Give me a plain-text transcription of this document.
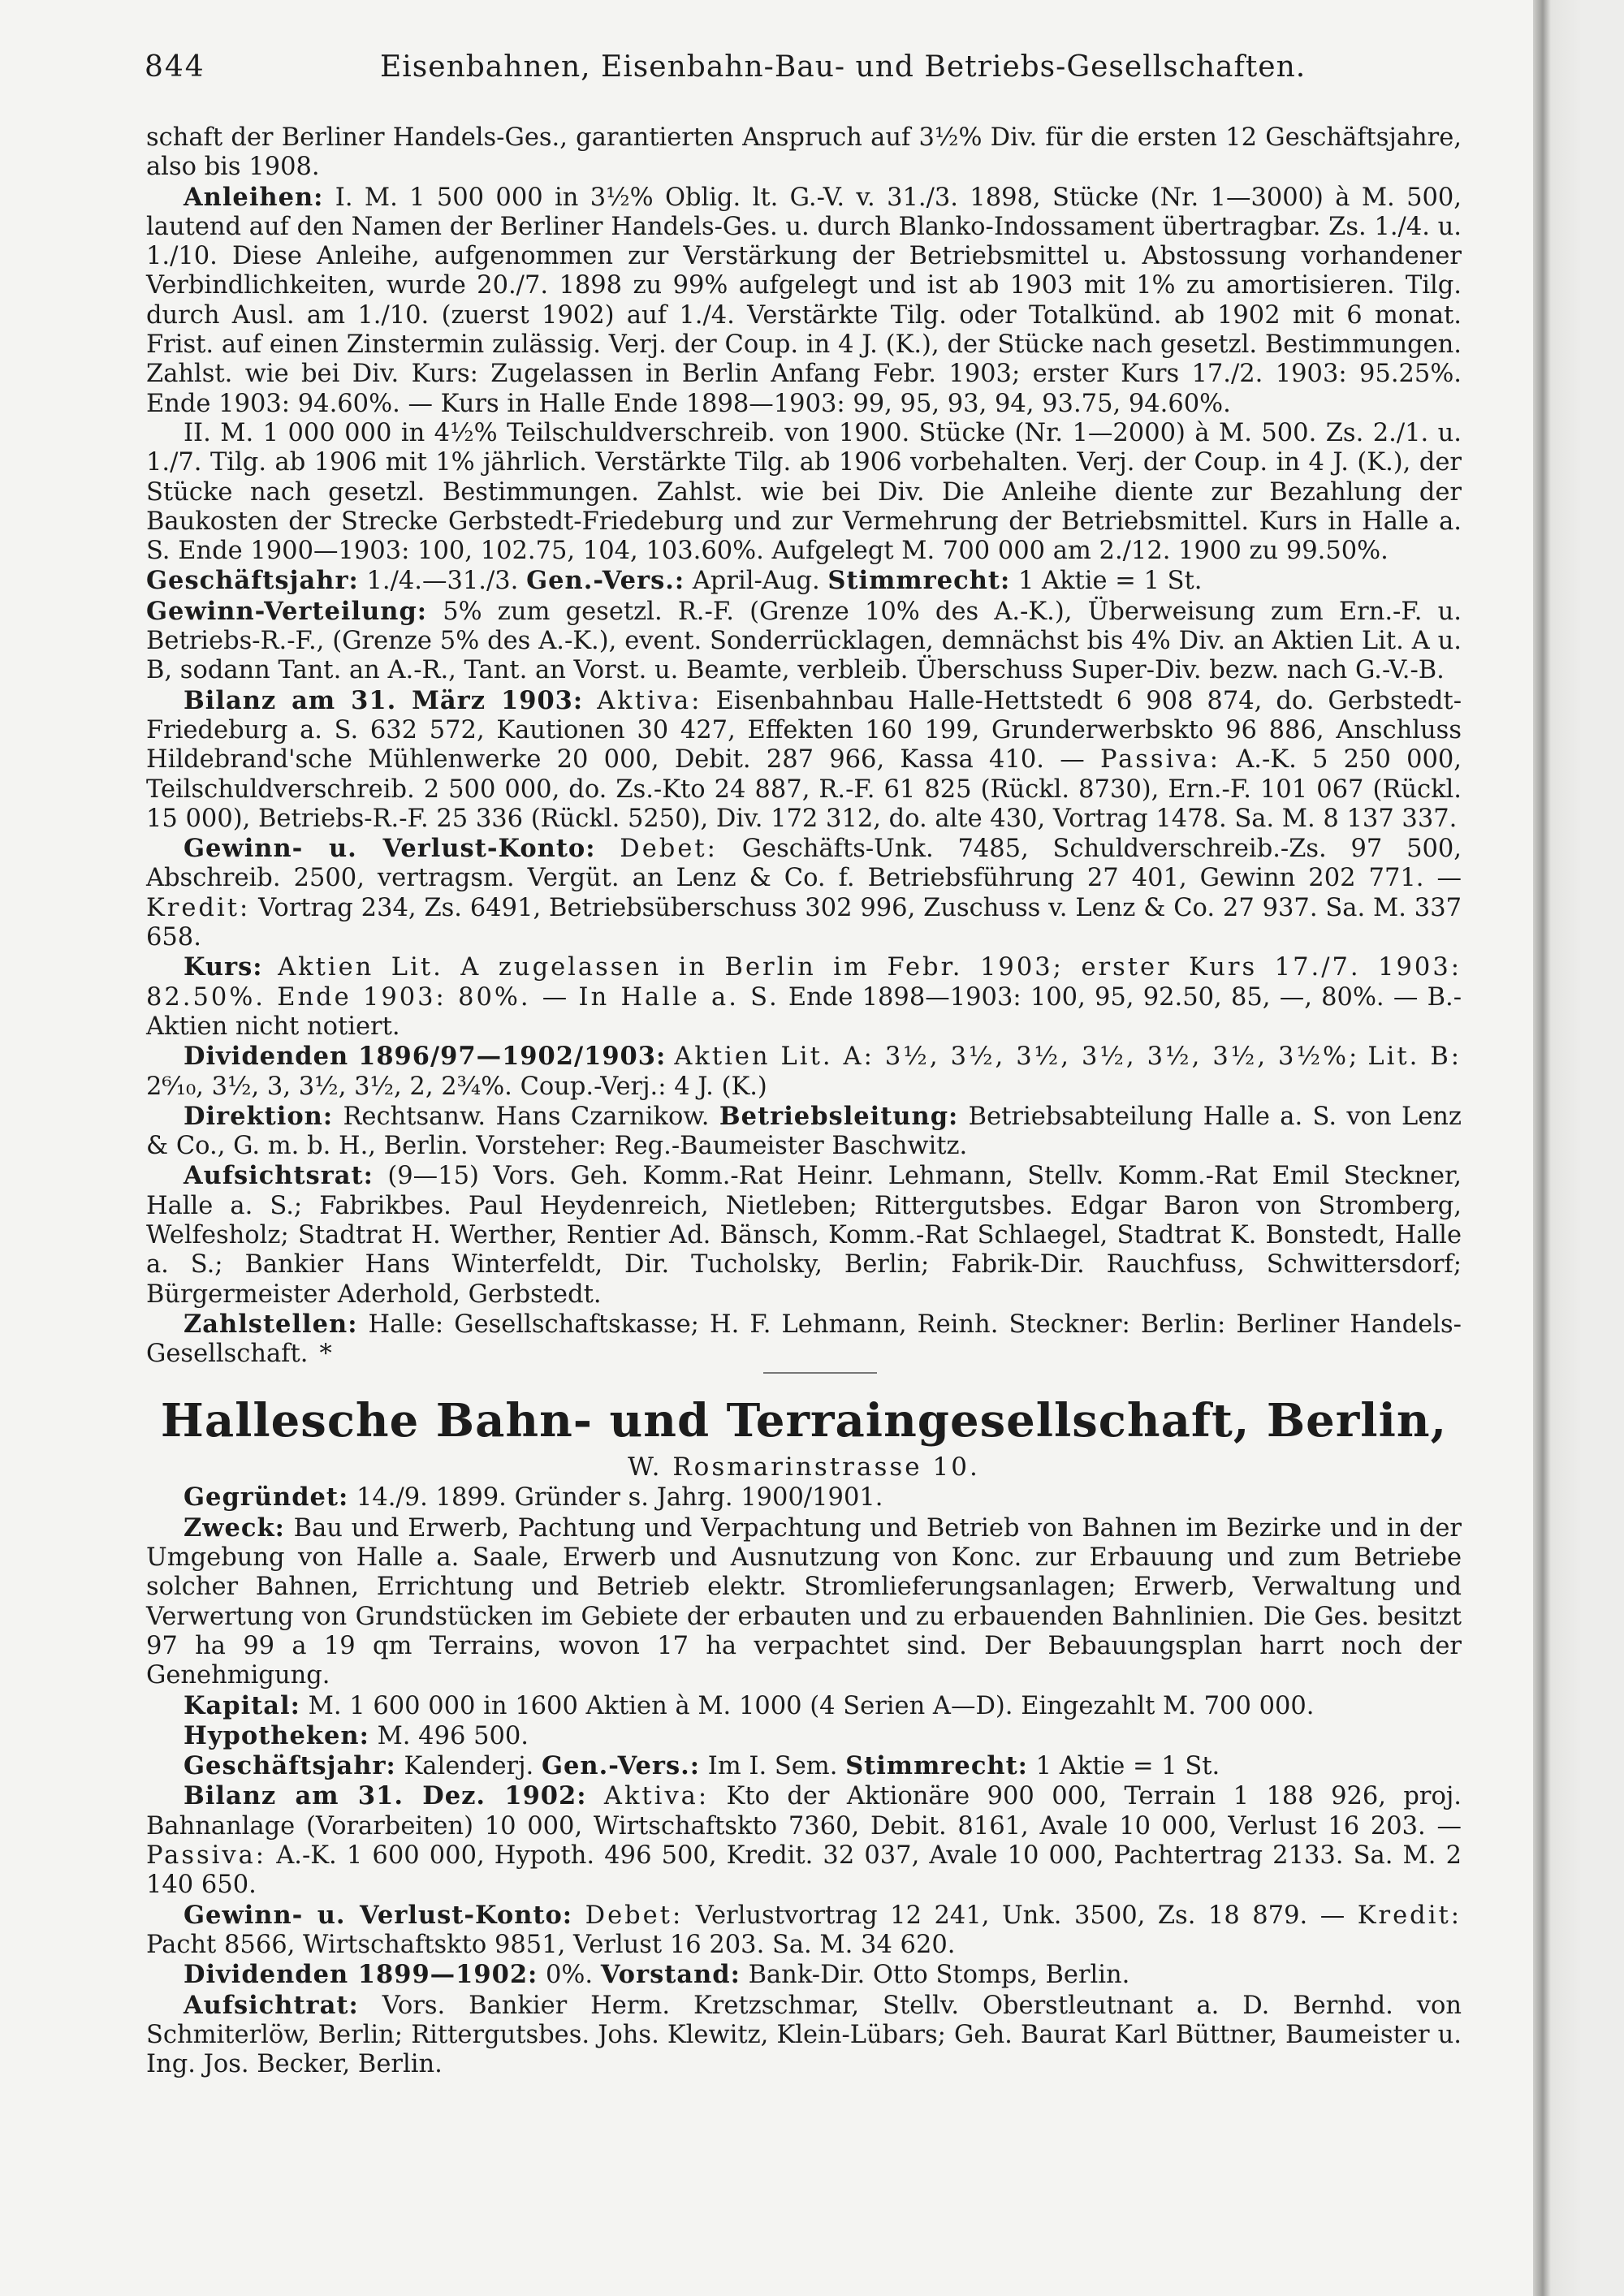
844	Eisenbahnen, Eisenbahn-Bau- und Betriebs-Gesellschaften.

schaft der Berliner Handels-Ges., garantierten Anspruch auf 3½% Div. für die ersten 12 Geschäftsjahre, also bis 1908.

Anleihen: I. M. 1 500 000 in 3½% Oblig. lt. G.-V. v. 31./3. 1898, Stücke (Nr. 1—3000) à M. 500, lautend auf den Namen der Berliner Handels-Ges. u. durch Blanko-Indossament übertragbar. Zs. 1./4. u. 1./10. Diese Anleihe, aufgenommen zur Verstärkung der Betriebsmittel u. Abstossung vorhandener Verbindlichkeiten, wurde 20./7. 1898 zu 99% aufgelegt und ist ab 1903 mit 1% zu amortisieren. Tilg. durch Ausl. am 1./10. (zuerst 1902) auf 1./4. Verstärkte Tilg. oder Totalkünd. ab 1902 mit 6 monat. Frist. auf einen Zinstermin zulässig. Verj. der Coup. in 4 J. (K.), der Stücke nach gesetzl. Bestimmungen. Zahlst. wie bei Div. Kurs: Zugelassen in Berlin Anfang Febr. 1903; erster Kurs 17./2. 1903: 95.25%. Ende 1903: 94.60%. — Kurs in Halle Ende 1898—1903: 99, 95, 93, 94, 93.75, 94.60%.

II. M. 1 000 000 in 4½% Teilschuldverschreib. von 1900. Stücke (Nr. 1—2000) à M. 500. Zs. 2./1. u. 1./7. Tilg. ab 1906 mit 1% jährlich. Verstärkte Tilg. ab 1906 vorbehalten. Verj. der Coup. in 4 J. (K.), der Stücke nach gesetzl. Bestimmungen. Zahlst. wie bei Div. Die Anleihe diente zur Bezahlung der Baukosten der Strecke Gerbstedt-Friedeburg und zur Vermehrung der Betriebsmittel. Kurs in Halle a. S. Ende 1900—1903: 100, 102.75, 104, 103.60%. Aufgelegt M. 700 000 am 2./12. 1900 zu 99.50%.

Geschäftsjahr: 1./4.—31./3. Gen.-Vers.: April-Aug. Stimmrecht: 1 Aktie = 1 St.

Gewinn-Verteilung: 5% zum gesetzl. R.-F. (Grenze 10% des A.-K.), Überweisung zum Ern.-F. u. Betriebs-R.-F., (Grenze 5% des A.-K.), event. Sonderrücklagen, demnächst bis 4% Div. an Aktien Lit. A u. B, sodann Tant. an A.-R., Tant. an Vorst. u. Beamte, verbleib. Überschuss Super-Div. bezw. nach G.-V.-B.

Bilanz am 31. März 1903: Aktiva: Eisenbahnbau Halle-Hettstedt 6 908 874, do. Gerbstedt-Friedeburg a. S. 632 572, Kautionen 30 427, Effekten 160 199, Grunderwerbskto 96 886, Anschluss Hildebrand'sche Mühlenwerke 20 000, Debit. 287 966, Kassa 410. — Passiva: A.-K. 5 250 000, Teilschuldverschreib. 2 500 000, do. Zs.-Kto 24 887, R.-F. 61 825 (Rückl. 8730), Ern.-F. 101 067 (Rückl. 15 000), Betriebs-R.-F. 25 336 (Rückl. 5250), Div. 172 312, do. alte 430, Vortrag 1478. Sa. M. 8 137 337.

Gewinn- u. Verlust-Konto: Debet: Geschäfts-Unk. 7485, Schuldverschreib.-Zs. 97 500, Abschreib. 2500, vertragsm. Vergüt. an Lenz & Co. f. Betriebsführung 27 401, Gewinn 202 771. — Kredit: Vortrag 234, Zs. 6491, Betriebsüberschuss 302 996, Zuschuss v. Lenz & Co. 27 937. Sa. M. 337 658.

Kurs: Aktien Lit. A zugelassen in Berlin im Febr. 1903; erster Kurs 17./7. 1903: 82.50%. Ende 1903: 80%. — In Halle a. S. Ende 1898—1903: 100, 95, 92.50, 85, —, 80%. — B.-Aktien nicht notiert.

Dividenden 1896/97—1902/1903: Aktien Lit. A: 3½, 3½, 3½, 3½, 3½, 3½, 3½%; Lit. B: 2⁶⁄₁₀, 3½, 3, 3½, 3½, 2, 2¾%. Coup.-Verj.: 4 J. (K.)

Direktion: Rechtsanw. Hans Czarnikow. Betriebsleitung: Betriebsabteilung Halle a. S. von Lenz & Co., G. m. b. H., Berlin. Vorsteher: Reg.-Baumeister Baschwitz.

Aufsichtsrat: (9—15) Vors. Geh. Komm.-Rat Heinr. Lehmann, Stellv. Komm.-Rat Emil Steckner, Halle a. S.; Fabrikbes. Paul Heydenreich, Nietleben; Rittergutsbes. Edgar Baron von Stromberg, Welfesholz; Stadtrat H. Werther, Rentier Ad. Bänsch, Komm.-Rat Schlaegel, Stadtrat K. Bonstedt, Halle a. S.; Bankier Hans Winterfeldt, Dir. Tucholsky, Berlin; Fabrik-Dir. Rauchfuss, Schwittersdorf; Bürgermeister Aderhold, Gerbstedt.

Zahlstellen: Halle: Gesellschaftskasse; H. F. Lehmann, Reinh. Steckner: Berlin: Berliner Handels-Gesellschaft. *

Hallesche Bahn- und Terraingesellschaft, Berlin,
W. Rosmarinstrasse 10.

Gegründet: 14./9. 1899. Gründer s. Jahrg. 1900/1901.

Zweck: Bau und Erwerb, Pachtung und Verpachtung und Betrieb von Bahnen im Bezirke und in der Umgebung von Halle a. Saale, Erwerb und Ausnutzung von Konc. zur Erbauung und zum Betriebe solcher Bahnen, Errichtung und Betrieb elektr. Stromlieferungsanlagen; Erwerb, Verwaltung und Verwertung von Grundstücken im Gebiete der erbauten und zu erbauenden Bahnlinien. Die Ges. besitzt 97 ha 99 a 19 qm Terrains, wovon 17 ha verpachtet sind. Der Bebauungsplan harrt noch der Genehmigung.

Kapital: M. 1 600 000 in 1600 Aktien à M. 1000 (4 Serien A—D). Eingezahlt M. 700 000.

Hypotheken: M. 496 500.

Geschäftsjahr: Kalenderj. Gen.-Vers.: Im I. Sem. Stimmrecht: 1 Aktie = 1 St.

Bilanz am 31. Dez. 1902: Aktiva: Kto der Aktionäre 900 000, Terrain 1 188 926, proj. Bahnanlage (Vorarbeiten) 10 000, Wirtschaftskto 7360, Debit. 8161, Avale 10 000, Verlust 16 203. — Passiva: A.-K. 1 600 000, Hypoth. 496 500, Kredit. 32 037, Avale 10 000, Pachtertrag 2133. Sa. M. 2 140 650.

Gewinn- u. Verlust-Konto: Debet: Verlustvortrag 12 241, Unk. 3500, Zs. 18 879. — Kredit: Pacht 8566, Wirtschaftskto 9851, Verlust 16 203. Sa. M. 34 620.

Dividenden 1899—1902: 0%. Vorstand: Bank-Dir. Otto Stomps, Berlin.

Aufsichtrat: Vors. Bankier Herm. Kretzschmar, Stellv. Oberstleutnant a. D. Bernhd. von Schmiterlöw, Berlin; Rittergutsbes. Johs. Klewitz, Klein-Lübars; Geh. Baurat Karl Büttner, Baumeister u. Ing. Jos. Becker, Berlin.
